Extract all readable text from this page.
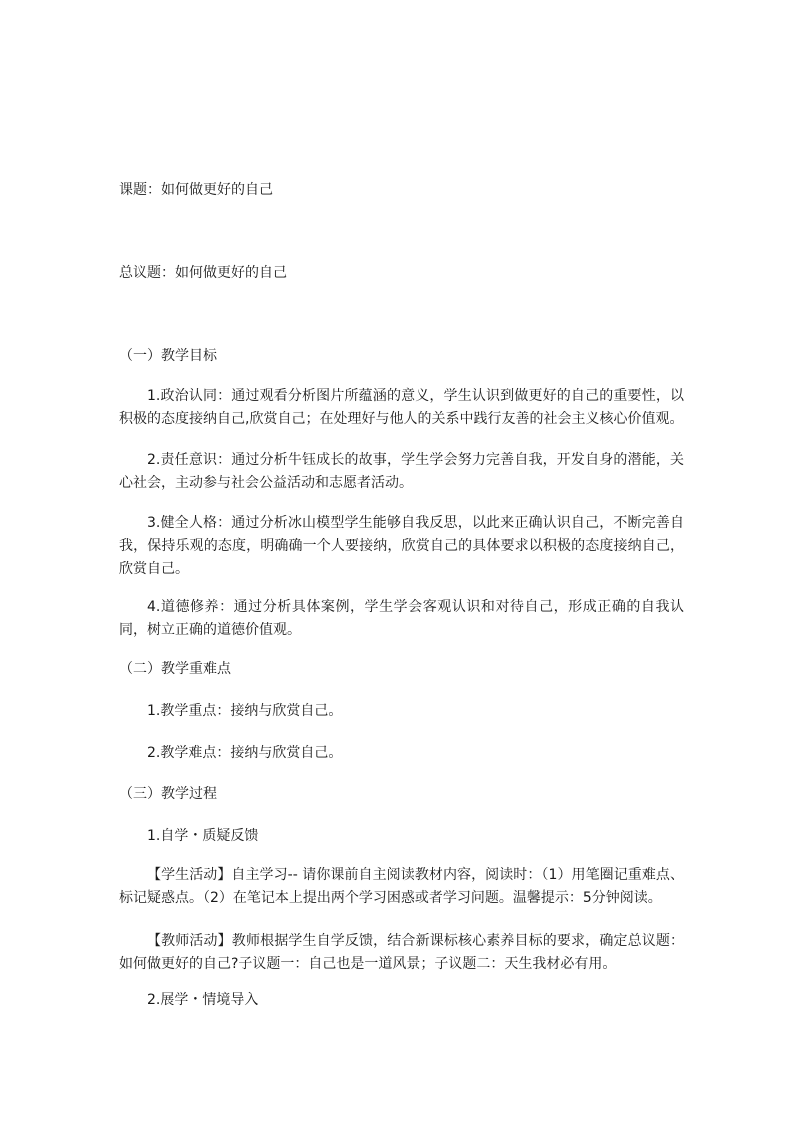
课题：如何做更好的自己
总议题：如何做更好的自己
（一）教学目标
1.政治认同：通过观看分析图片所蕴涵的意义，学生认识到做更好的自己的重要性，以积极的态度接纳自己,欣赏自己；在处理好与他人的关系中践行友善的社会主义核心价值观。
2.责任意识：通过分析牛钰成长的故事，学生学会努力完善自我，开发自身的潜能，关心社会，主动参与社会公益活动和志愿者活动。
3.健全人格：通过分析冰山模型学生能够自我反思，以此来正确认识自己，不断完善自我，保持乐观的态度，明确确一个人要接纳，欣赏自己的具体要求以积极的态度接纳自己，欣赏自己。
4.道德修养：通过分析具体案例，学生学会客观认识和对待自己，形成正确的自我认同，树立正确的道德价值观。
（二）教学重难点
1.教学重点：接纳与欣赏自己。
2.教学难点：接纳与欣赏自己。
（三）教学过程
1.自学・质疑反馈
【学生活动】自主学习-- 请你课前自主阅读教材内容，阅读时：（1）用笔圈记重难点、标记疑惑点。（2）在笔记本上提出两个学习困惑或者学习问题。温馨提示：5分钟阅读。
【教师活动】教师根据学生自学反馈，结合新课标核心素养目标的要求，确定总议题：如何做更好的自己?子议题一：自己也是一道风景；子议题二：天生我材必有用。
2.展学・情境导入
